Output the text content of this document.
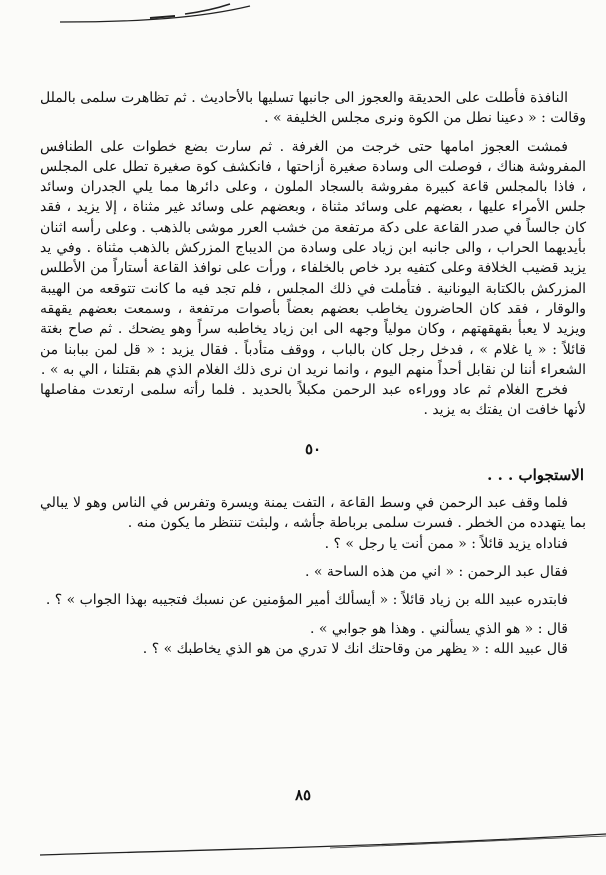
النافذة فأطلت على الحديقة والعجوز الى جانبها تسليها بالأحاديث . ثم تظاهرت سلمى بالملل وقالت : « دعينا نطل من الكوة ونرى مجلس الخليفة » .

فمشت العجوز امامها حتى خرجت من الغرفة . ثم سارت بضع خطوات على الطنافس المفروشة هناك ، فوصلت الى وسادة صغيرة أزاحتها ، فانكشف كوة صغيرة تطل على المجلس ، فاذا بالمجلس قاعة كبيرة مفروشة بالسجاد الملون ، وعلى دائرها مما يلي الجدران وسائد جلس الأمراء عليها ، بعضهم على وسائد مثناة ، وبعضهم على وسائد غير مثناة ، إلا يزيد ، فقد كان جالساً في صدر القاعة على دكة مرتفعة من خشب العرر موشى بالذهب . وعلى رأسه اثنان بأيديهما الحراب ، والى جانبه ابن زياد على وسادة من الديباج المزركش بالذهب مثناة . وفي يد يزيد قضيب الخلافة وعلى كتفيه برد خاص بالخلفاء ، ورأت على نوافذ القاعة أستاراً من الأطلس المزركش بالكتابة اليونانية . فتأملت في ذلك المجلس ، فلم تجد فيه ما كانت تتوقعه من الهيبة والوقار ، فقد كان الحاضرون يخاطب بعضهم بعضاً بأصوات مرتفعة ، وسمعت بعضهم يقهقه ويزيد لا يعبأ بقهقهتهم ، وكان مولياً وجهه الى ابن زياد يخاطبه سراً وهو يضحك . ثم صاح بغتة قائلاً : « يا غلام » ، فدخل رجل كان بالباب ، ووقف متأدباً . فقال يزيد : « قل لمن ببابنا من الشعراء أننا لن نقابل أحداً منهم اليوم ، وانما نريد ان نرى ذلك الغلام الذي هم بقتلنا ، الي به » .

فخرج الغلام ثم عاد ووراءه عبد الرحمن مكبلاً بالحديد . فلما رأته سلمى ارتعدت مفاصلها لأنها خافت ان يفتك به يزيد .

٥٠
الاستجواب . . .

فلما وقف عبد الرحمن في وسط القاعة ، التفت يمنة ويسرة وتفرس في الناس وهو لا يبالي بما يتهدده من الخطر . فسرت سلمى برباطة جأشه ، ولبثت تنتظر ما يكون منه .

فناداه يزيد قائلاً : « ممن أنت يا رجل » ؟ .

فقال عبد الرحمن : « اني من هذه الساحة » .

فابتدره عبيد الله بن زياد قائلاً : « أيسألك أمير المؤمنين عن نسبك فتجيبه بهذا الجواب » ؟ .

قال : « هو الذي يسألني . وهذا هو جوابي » .

قال عبيد الله : « يظهر من وقاحتك انك لا تدري من هو الذي يخاطبك » ؟ .

٨٥
